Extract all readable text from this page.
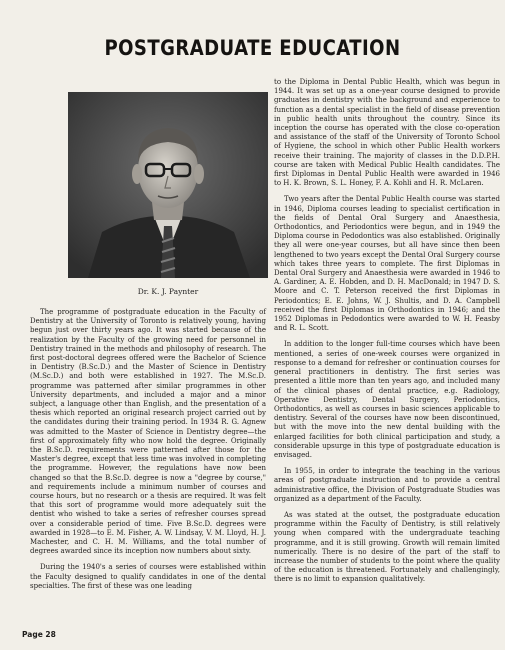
POSTGRADUATE EDUCATION
Dr. K. J. Paynter

The programme of postgraduate education in the Faculty of Dentistry at the University of Toronto is relatively young, having begun just over thirty years ago. It was started because of the realization by the Faculty of the growing need for personnel in Dentistry trained in the methods and philosophy of research. The first post-doctoral degrees offered were the Bachelor of Science in Dentistry (B.Sc.D.) and the Master of Science in Dentistry (M.Sc.D.) and both were established in 1927. The M.Sc.D. programme was patterned after similar programmes in other University departments, and included a major and a minor subject, a language other than English, and the presentation of a thesis which reported an original research project carried out by the candidates during their training period. In 1934 R. G. Agnew was admitted to the Master of Science in Dentistry degree—the first of approximately fifty who now hold the degree. Originally the B.Sc.D. requirements were patterned after those for the Master's degree, except that less time was involved in completing the programme. However, the regulations have now been changed so that the B.Sc.D. degree is now a "degree by course," and requirements include a minimum number of courses and course hours, but no research or a thesis are required. It was felt that this sort of programme would more adequately suit the dentist who wished to take a series of refresher courses spread over a considerable period of time. Five B.Sc.D. degrees were awarded in 1928—to E. M. Fisher, A. W. Lindsay, V. M. Lloyd, H. J. Machester, and C. H. M. Williams, and the total number of degrees awarded since its inception now numbers about sixty.

During the 1940's a series of courses were established within the Faculty designed to qualify candidates in one of the dental specialties. The first of these was one leading

to the Diploma in Dental Public Health, which was begun in 1944. It was set up as a one-year course designed to provide graduates in dentistry with the background and experience to function as a dental specialist in the field of disease prevention in public health units throughout the country. Since its inception the course has operated with the close co-operation and assistance of the staff of the University of Toronto School of Hygiene, the school in which other Public Health workers receive their training. The majority of classes in the D.D.P.H. course are taken with Medical Public Health candidates. The first Diplomas in Dental Public Health were awarded in 1946 to H. K. Brown, S. L. Honey, F. A. Kohli and H. R. McLaren.

Two years after the Dental Public Health course was started in 1946, Diploma courses leading to specialist certification in the fields of Dental Oral Surgery and Anaesthesia, Orthodontics, and Periodontics were begun, and in 1949 the Diploma course in Pedodontics was also established. Originally they all were one-year courses, but all have since then been lengthened to two years except the Dental Oral Surgery course which takes three years to complete. The first Diplomas in Dental Oral Surgery and Anaesthesia were awarded in 1946 to A. Gardiner, A. E. Hobden, and D. H. MacDonald; in 1947 D. S. Moore and C. T. Peterson received the first Diplomas in Periodontics; E. E. Johns, W. J. Shultis, and D. A. Campbell received the first Diplomas in Orthodontics in 1946; and the 1952 Diplomas in Pedodontics were awarded to W. H. Feasby and R. L. Scott.

In addition to the longer full-time courses which have been mentioned, a series of one-week courses were organized in response to a demand for refresher or continuation courses for general practitioners in dentistry. The first series was presented a little more than ten years ago, and included many of the clinical phases of dental practice, e.g. Radiology, Operative Dentistry, Dental Surgery, Periodontics, Orthodontics, as well as courses in basic sciences applicable to dentistry. Several of the courses have now been discontinued, but with the move into the new dental building with the enlarged facilities for both clinical participation and study, a considerable upsurge in this type of postgraduate education is envisaged.

In 1955, in order to integrate the teaching in the various areas of postgraduate instruction and to provide a central administrative office, the Division of Postgraduate Studies was organized as a department of the Faculty.

As was stated at the outset, the postgraduate education programme within the Faculty of Dentistry, is still relatively young when compared with the undergraduate teaching programme, and it is still growing. Growth will remain limited numerically. There is no desire of the part of the staff to increase the number of students to the point where the quality of the education is threatened. Fortunately and challengingly, there is no limit to expansion qualitatively.

Page 28
